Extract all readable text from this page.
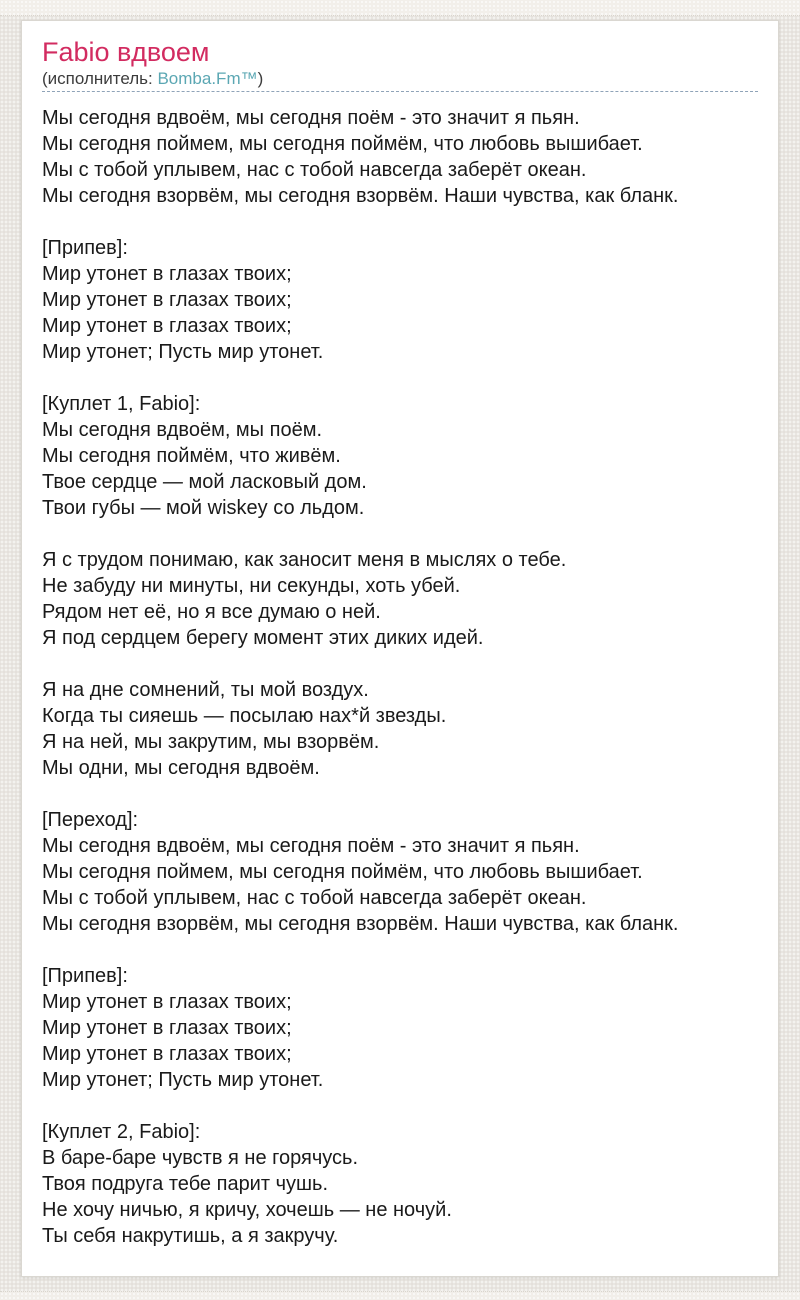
Fabio вдвоем
(исполнитель: Bomba.Fm™)

Мы сегодня вдвоём, мы сегодня поём - это значит я пьян.
Мы сегодня поймем, мы сегодня поймём, что любовь вышибает.
Мы с тобой уплывем, нас с тобой навсегда заберёт океан.
Мы сегодня взорвём, мы сегодня взорвём. Наши чувства, как бланк.

[Припев]:
Мир утонет в глазах твоих;
Мир утонет в глазах твоих;
Мир утонет в глазах твоих;
Мир утонет; Пусть мир утонет.

[Куплет 1, Fabio]:
Мы сегодня вдвоём, мы поём.
Мы сегодня поймём, что живём.
Твое сердце — мой ласковый дом.
Твои губы — мой wiskey со льдом.

Я с трудом понимаю, как заносит меня в мыслях о тебе.
Не забуду ни минуты, ни секунды, хоть убей.
Рядом нет её, но я все думаю о ней.
Я под сердцем берегу момент этих диких идей.

Я на дне сомнений, ты мой воздух.
Когда ты сияешь — посылаю нах*й звезды.
Я на ней, мы закрутим, мы взорвём.
Мы одни, мы сегодня вдвоём.

[Переход]:
Мы сегодня вдвоём, мы сегодня поём - это значит я пьян.
Мы сегодня поймем, мы сегодня поймём, что любовь вышибает.
Мы с тобой уплывем, нас с тобой навсегда заберёт океан.
Мы сегодня взорвём, мы сегодня взорвём. Наши чувства, как бланк.

[Припев]:
Мир утонет в глазах твоих;
Мир утонет в глазах твоих;
Мир утонет в глазах твоих;
Мир утонет; Пусть мир утонет.

[Куплет 2, Fabio]:
В баре-баре чувств я не горячусь.
Твоя подруга тебе парит чушь.
Не хочу ничью, я кричу, хочешь — не ночуй.
Ты себя накрутишь, а я закручу.
